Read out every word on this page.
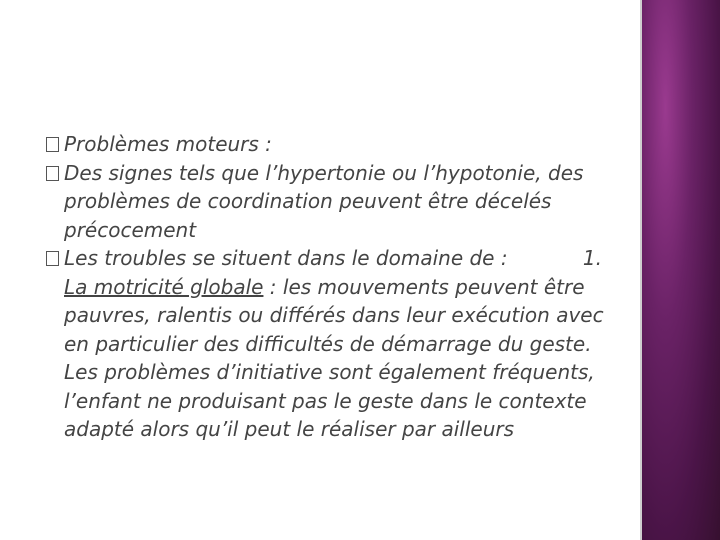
Problèmes moteurs :

Des signes tels que l’hypertonie ou l’hypotonie, des problèmes de coordination peuvent être décelés précocement

Les troubles se situent dans le domaine de :	1.

La motricité globale : les mouvements peuvent être pauvres, ralentis ou différés dans leur exécution avec en particulier des difficultés de démarrage du geste. Les problèmes d’initiative sont également fréquents, l’enfant ne produisant pas le geste dans le contexte adapté alors qu’il peut le réaliser par ailleurs
